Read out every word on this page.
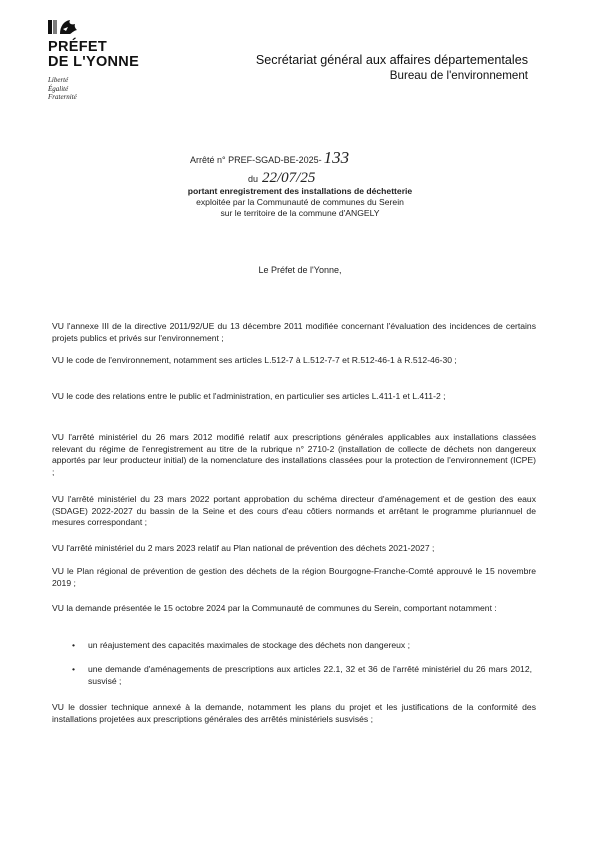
PRÉFET
DE L'YONNE
Liberté
Égalité
Fraternité
Secrétariat général aux affaires départementales
Bureau de l'environnement
Arrêté n° PREF-SGAD-BE-2025- 133
du 22/07/25
portant enregistrement des installations de déchetterie
exploitée par la Communauté de communes du Serein
sur le territoire de la commune d'ANGELY
Le Préfet de l'Yonne,
VU l'annexe III de la directive 2011/92/UE du 13 décembre 2011 modifiée concernant l'évaluation des incidences de certains projets publics et privés sur l'environnement ;
VU le code de l'environnement, notamment ses articles L.512-7 à L.512-7-7 et R.512-46-1 à R.512-46-30 ;
VU le code des relations entre le public et l'administration, en particulier ses articles L.411-1 et L.411-2 ;
VU l'arrêté ministériel du 26 mars 2012 modifié relatif aux prescriptions générales applicables aux installations classées relevant du régime de l'enregistrement au titre de la rubrique n° 2710-2 (installation de collecte de déchets non dangereux apportés par leur producteur initial) de la nomenclature des installations classées pour la protection de l'environnement (ICPE) ;
VU l'arrêté ministériel du 23 mars 2022 portant approbation du schéma directeur d'aménagement et de gestion des eaux (SDAGE) 2022-2027 du bassin de la Seine et des cours d'eau côtiers normands et arrêtant le programme pluriannuel de mesures correspondant ;
VU l'arrêté ministériel du 2 mars 2023 relatif au Plan national de prévention des déchets 2021-2027 ;
VU le Plan régional de prévention de gestion des déchets de la région Bourgogne-Franche-Comté approuvé le 15 novembre 2019 ;
VU la demande présentée le 15 octobre 2024 par la Communauté de communes du Serein, comportant notamment :
•	un réajustement des capacités maximales de stockage des déchets non dangereux ;
•	une demande d'aménagements de prescriptions aux articles 22.1, 32 et 36 de l'arrêté ministériel du 26 mars 2012, susvisé ;
VU le dossier technique annexé à la demande, notamment les plans du projet et les justifications de la conformité des installations projetées aux prescriptions générales des arrêtés ministériels susvisés ;
